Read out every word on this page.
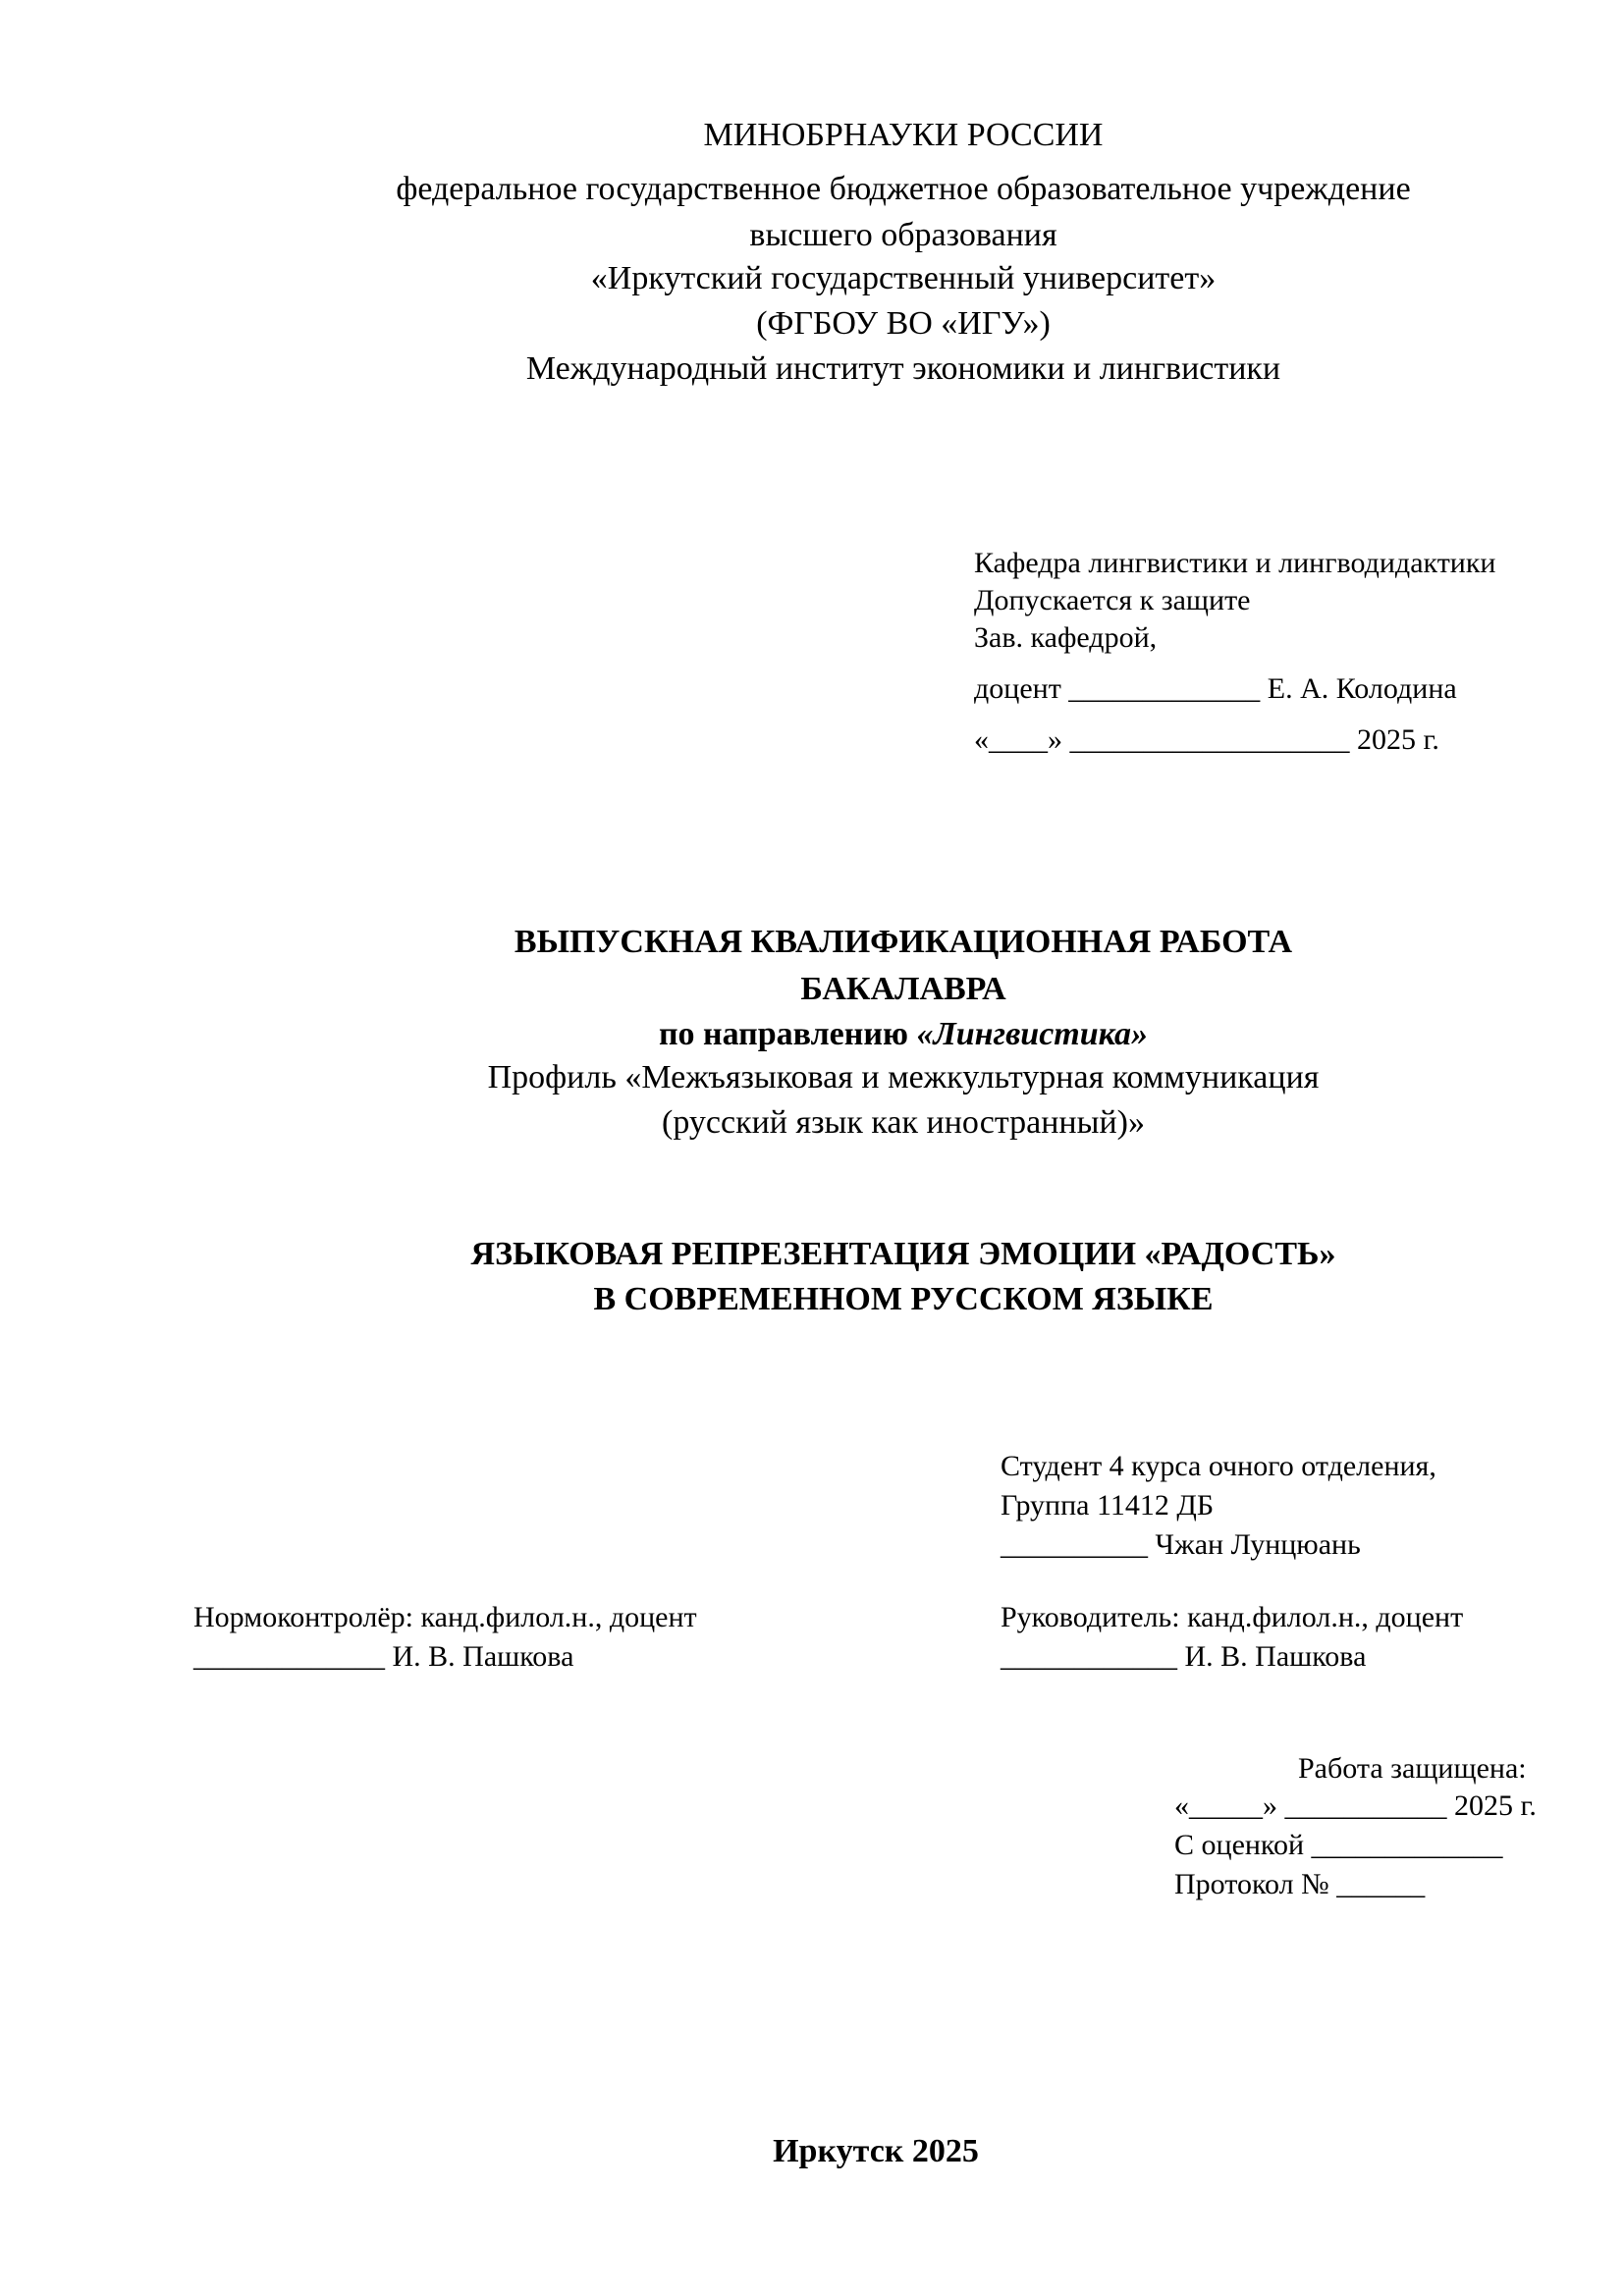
МИНОБРНАУКИ РОССИИ
федеральное государственное бюджетное образовательное учреждение
высшего образования
«Иркутский государственный университет»
(ФГБОУ ВО «ИГУ»)
Международный институт экономики и лингвистики
Кафедра лингвистики и лингводидактики
Допускается к защите
Зав. кафедрой,
доцент _____________ Е. А. Колодина
«____» ___________________ 2025 г.
ВЫПУСКНАЯ КВАЛИФИКАЦИОННАЯ РАБОТА
БАКАЛАВРА
по направлению «Лингвистика»
Профиль «Межъязыковая и межкультурная коммуникация
(русский язык как иностранный)»
ЯЗЫКОВАЯ РЕПРЕЗЕНТАЦИЯ ЭМОЦИИ «РАДОСТЬ»
В СОВРЕМЕННОМ РУССКОМ ЯЗЫКЕ
Студент 4 курса очного отделения,
Группа 11412 ДБ
__________ Чжан Лунцюань
Нормоконтролёр: канд.филол.н., доцент
_____________ И. В. Пашкова
Руководитель: канд.филол.н., доцент
____________ И. В. Пашкова
Работа защищена:
«_____» ___________ 2025 г.
С оценкой _____________
Протокол № ______
Иркутск 2025
